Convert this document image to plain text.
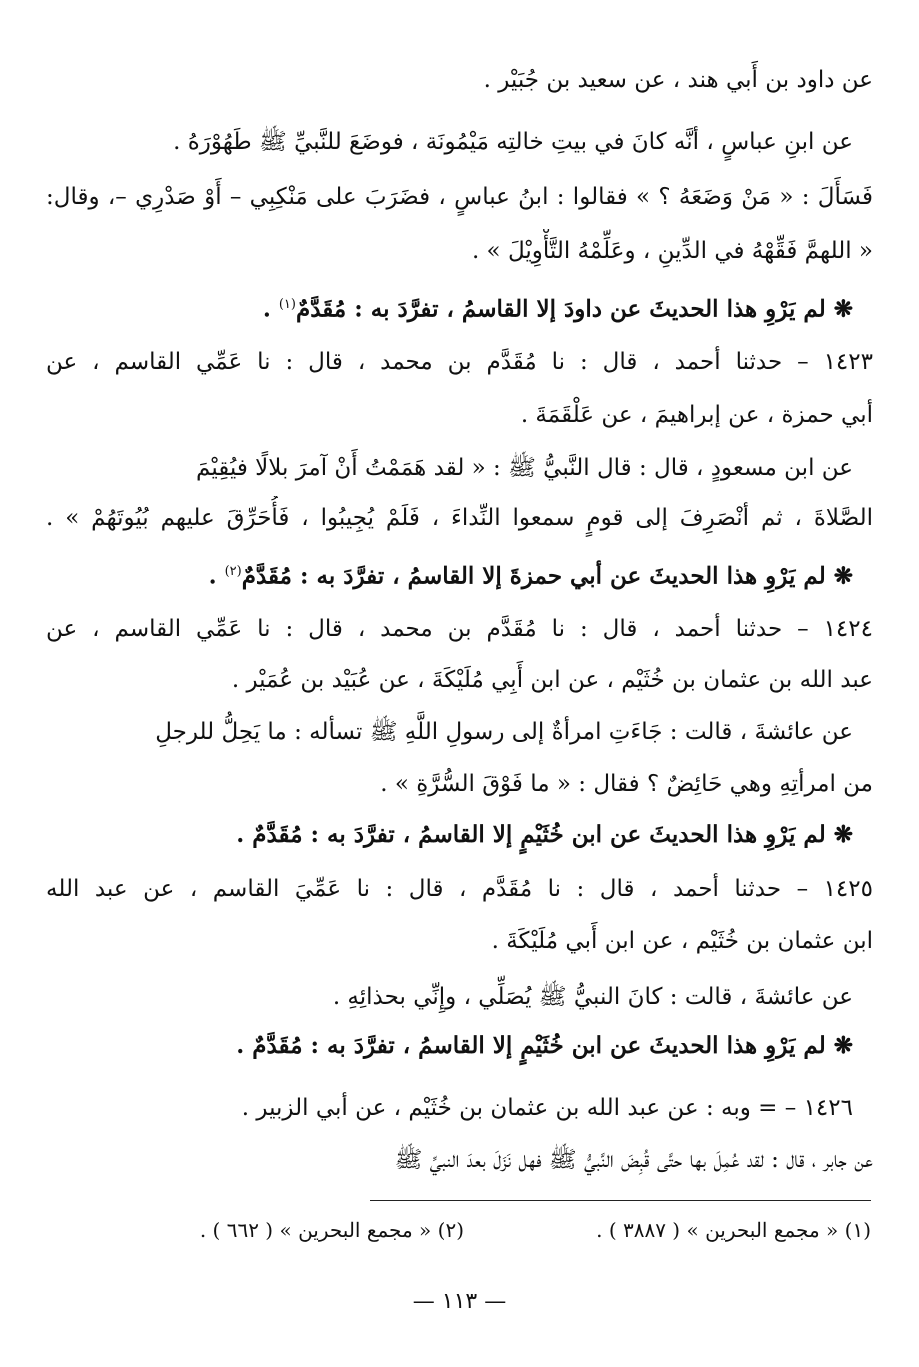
عن داود بن أَبي هند ، عن سعيد بن جُبَيْر .
عن ابنِ عباسٍ ، أنَّه كانَ في بيتِ خالتِه مَيْمُونَة ، فوضَعَ للنَّبيِّ ﷺ طَهُوْرَهُ .
فَسَأَلَ : « مَنْ وَضَعَهُ ؟ » فقالوا : ابنُ عباسٍ ، فضَرَبَ على مَنْكِبِي – أَوْ صَدْرِي –، وقال:
« اللهمَّ فَقِّهْهُ في الدِّينِ ، وعَلِّمْهُ التَّأْوِيْلَ » .
❋ لم يَرْوِ هذا الحديثَ عن داودَ إلا القاسمُ ، تفرَّدَ به : مُقَدَّمٌ$^{(١)}$ .
١٤٢٣ – حدثنا أحمد ، قال : نا مُقَدَّم بن محمد ، قال : نا عَمِّي القاسم ، عن
أبي حمزة ، عن إبراهيمَ ، عن عَلْقَمَةَ .
عن ابن مسعودٍ ، قال : قال النَّبيُّ ﷺ : « لقد هَمَمْتُ أَنْ آمرَ بلالًا فيُقِيْمَ
الصَّلاةَ ، ثم أنْصَرِفَ إلى قومٍ سمعوا النِّداءَ ، فَلَمْ يُجِيبُوا ، فَأُحَرِّقَ عليهم بُيُوتَهُمْ » .
❋ لم يَرْوِ هذا الحديثَ عن أبي حمزةَ إلا القاسمُ ، تفرَّدَ به : مُقَدَّمٌ$^{(٢)}$ .
١٤٢٤ – حدثنا أحمد ، قال : نا مُقَدَّم بن محمد ، قال : نا عَمِّي القاسم ، عن
عبد الله بن عثمان بن خُثَيْم ، عن ابن أَبِي مُلَيْكَةَ ، عن عُبَيْد بن عُمَيْر .
عن عائشةَ ، قالت : جَاءَتِ امرأةٌ إلى رسولِ اللَّهِ ﷺ تسأله : ما يَحِلُّ للرجلِ
من امرأتِهِ وهي حَائِضٌ ؟ فقال : « ما فَوْقَ السُّرَّةِ » .
❋ لم يَرْوِ هذا الحديثَ عن ابن خُثَيْمٍ إلا القاسمُ ، تفرَّدَ به : مُقَدَّمٌ .
١٤٢٥ – حدثنا أحمد ، قال : نا مُقَدَّم ، قال : نا عَمِّيَ القاسم ، عن عبد الله
ابن عثمان بن خُثَيْم ، عن ابن أَبي مُلَيْكَةَ .
عن عائشةَ ، قالت : كانَ النبيُّ ﷺ يُصَلِّي ، وإِنِّي بحذائِهِ .
❋ لم يَرْوِ هذا الحديثَ عن ابن خُثَيْمٍ إلا القاسمُ ، تفرَّدَ به : مُقَدَّمٌ .
١٤٢٦ – = وبه : عن عبد الله بن عثمان بن خُثَيْم ، عن أبي الزبير .
عن جابر ، قال : لقد عُمِلَ بها حتَّى قُبِضَ النَّبيُّ ﷺ فهل نَزَلَ بعدَ النبيِّ ﷺ
(١) « مجمع البحرين » ( ٣٨٨٧ ) .
(٢) « مجمع البحرين » ( ٦٦٢ ) .
— ١١٣ —
